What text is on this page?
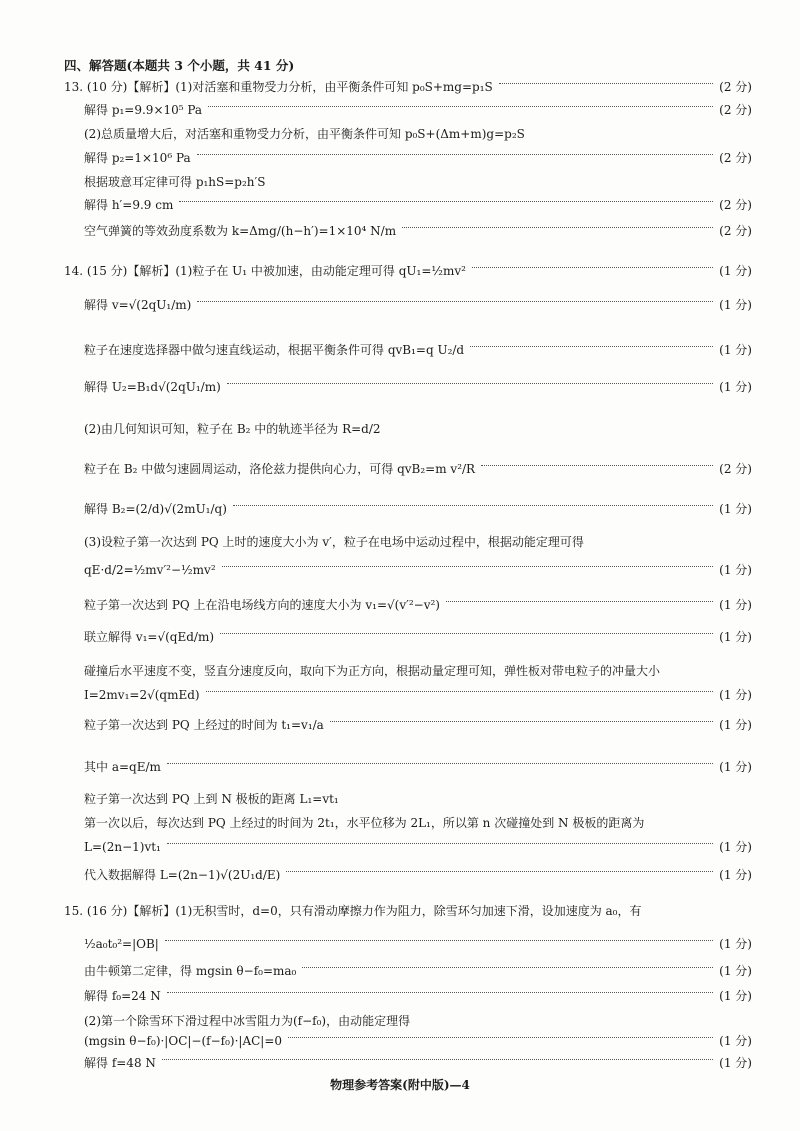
四、解答题(本题共 3 个小题，共 41 分)
13. (10 分)【解析】(1)对活塞和重物受力分析，由平衡条件可知 p₀S+mg=p₁S	(2 分)
解得 p₁=9.9×10⁵ Pa	(2 分)
(2)总质量增大后，对活塞和重物受力分析，由平衡条件可知 p₀S+(Δm+m)g=p₂S
解得 p₂=1×10⁶ Pa	(2 分)
根据玻意耳定律可得 p₁hS=p₂h′S
解得 h′=9.9 cm	(2 分)
空气弹簧的等效劲度系数为 k=Δmg/(h−h′)=1×10⁴ N/m	(2 分)
14. (15 分)【解析】(1)粒子在 U₁ 中被加速，由动能定理可得 qU₁=½mv²	(1 分)
解得 v=√(2qU₁/m)	(1 分)
粒子在速度选择器中做匀速直线运动，根据平衡条件可得 qvB₁=q U₂/d	(1 分)
解得 U₂=B₁d√(2qU₁/m)	(1 分)
(2)由几何知识可知，粒子在 B₂ 中的轨迹半径为 R=d/2
粒子在 B₂ 中做匀速圆周运动，洛伦兹力提供向心力，可得 qvB₂=m v²/R	(2 分)
解得 B₂=(2/d)√(2mU₁/q)	(1 分)
(3)设粒子第一次达到 PQ 上时的速度大小为 v′，粒子在电场中运动过程中，根据动能定理可得
qE·d/2=½mv′²−½mv²	(1 分)
粒子第一次达到 PQ 上在沿电场线方向的速度大小为 v₁=√(v′²−v²)	(1 分)
联立解得 v₁=√(qEd/m)	(1 分)
碰撞后水平速度不变，竖直分速度反向，取向下为正方向，根据动量定理可知，弹性板对带电粒子的冲量大小
I=2mv₁=2√(qmEd)	(1 分)
粒子第一次达到 PQ 上经过的时间为 t₁=v₁/a	(1 分)
其中 a=qE/m	(1 分)
粒子第一次达到 PQ 上到 N 极板的距离 L₁=vt₁
第一次以后，每次达到 PQ 上经过的时间为 2t₁，水平位移为 2L₁，所以第 n 次碰撞处到 N 极板的距离为
L=(2n−1)vt₁	(1 分)
代入数据解得 L=(2n−1)√(2U₁d/E)	(1 分)
15. (16 分)【解析】(1)无积雪时，d=0，只有滑动摩擦力作为阻力，除雪环匀加速下滑，设加速度为 a₀，有
½a₀t₀²=|OB|	(1 分)
由牛顿第二定律，得 mgsin θ−f₀=ma₀	(1 分)
解得 f₀=24 N	(1 分)
(2)第一个除雪环下滑过程中冰雪阻力为(f−f₀)，由动能定理得
(mgsin θ−f₀)·|OC|−(f−f₀)·|AC|=0	(1 分)
解得 f=48 N	(1 分)
物理参考答案(附中版)—4
